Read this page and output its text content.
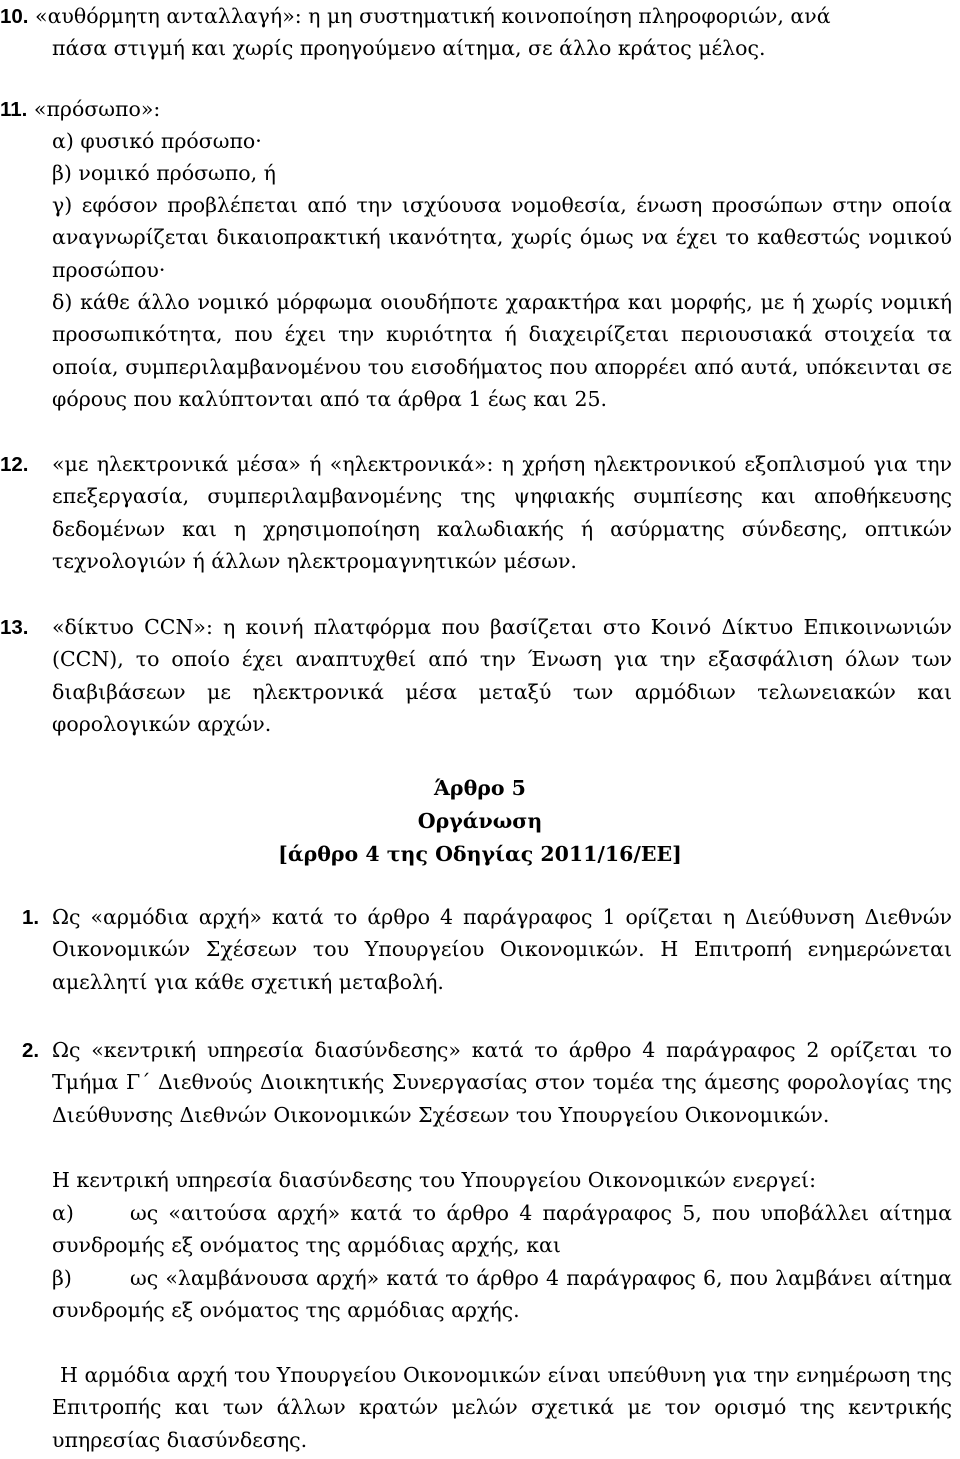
10. «αυθόρμητη ανταλλαγή»: η μη συστηματική κοινοποίηση πληροφοριών, ανά
πάσα στιγμή και χωρίς προηγούμενο αίτημα, σε άλλο κράτος μέλος.
11. «πρόσωπο»:
α) φυσικό πρόσωπο·
β) νομικό πρόσωπο, ή
γ) εφόσον προβλέπεται από την ισχύουσα νομοθεσία, ένωση προσώπων στην οποία αναγνωρίζεται δικαιοπρακτική ικανότητα, χωρίς όμως να έχει το καθεστώς νομικού προσώπου·
δ) κάθε άλλο νομικό μόρφωμα οιουδήποτε χαρακτήρα και μορφής, με ή χωρίς νομική προσωπικότητα, που έχει την κυριότητα ή διαχειρίζεται περιουσιακά στοιχεία τα οποία, συμπεριλαμβανομένου του εισοδήματος που απορρέει από αυτά, υπόκεινται σε φόρους που καλύπτονται από τα άρθρα 1 έως και 25.
12.	«με ηλεκτρονικά μέσα» ή «ηλεκτρονικά»: η χρήση ηλεκτρονικού εξοπλισμού για την επεξεργασία, συμπεριλαμβανομένης της ψηφιακής συμπίεσης και αποθήκευσης δεδομένων και η χρησιμοποίηση καλωδιακής ή ασύρματης σύνδεσης, οπτικών τεχνολογιών ή άλλων ηλεκτρομαγνητικών μέσων.
13.	«δίκτυο CCN»: η κοινή πλατφόρμα που βασίζεται στο Κοινό Δίκτυο Επικοινωνιών (CCN), το οποίο έχει αναπτυχθεί από την Ένωση για την εξασφάλιση όλων των διαβιβάσεων με ηλεκτρονικά μέσα μεταξύ των αρμόδιων τελωνειακών και φορολογικών αρχών.
Άρθρο 5
Οργάνωση
[άρθρο 4 της Οδηγίας 2011/16/ΕΕ]
1. Ως «αρμόδια αρχή» κατά το άρθρο 4 παράγραφος 1 ορίζεται η Διεύθυνση Διεθνών Οικονομικών Σχέσεων του Υπουργείου Οικονομικών. Η Επιτροπή ενημερώνεται αμελλητί για κάθε σχετική μεταβολή.
2. Ως «κεντρική υπηρεσία διασύνδεσης» κατά το άρθρο 4 παράγραφος 2 ορίζεται το Τμήμα Γ΄ Διεθνούς Διοικητικής Συνεργασίας στον τομέα της άμεσης φορολογίας της Διεύθυνσης Διεθνών Οικονομικών Σχέσεων του Υπουργείου Οικονομικών.
Η κεντρική υπηρεσία διασύνδεσης του Υπουργείου Οικονομικών ενεργεί:
α)	ως «αιτούσα αρχή» κατά το άρθρο 4 παράγραφος 5, που υποβάλλει αίτημα συνδρομής εξ ονόματος της αρμόδιας αρχής, και
β)	ως «λαμβάνουσα αρχή» κατά το άρθρο 4 παράγραφος 6, που λαμβάνει αίτημα συνδρομής εξ ονόματος της αρμόδιας αρχής.
Η αρμόδια αρχή του Υπουργείου Οικονομικών είναι υπεύθυνη για την ενημέρωση της Επιτροπής και των άλλων κρατών μελών σχετικά με τον ορισμό της κεντρικής υπηρεσίας διασύνδεσης.
